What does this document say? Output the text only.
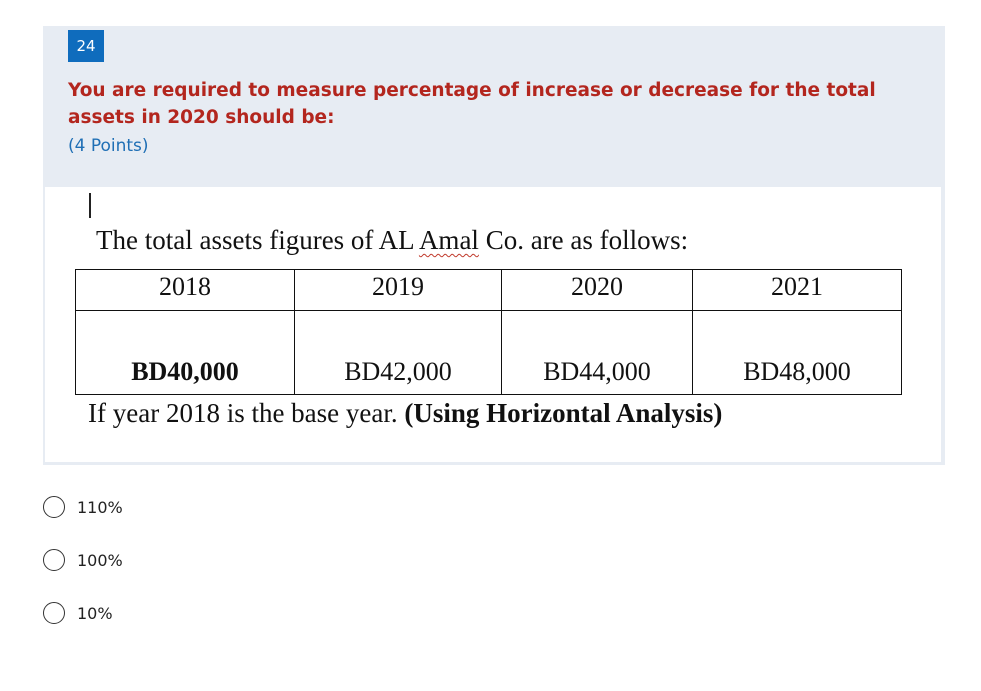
24
You are required to measure percentage of increase or decrease for the total assets in 2020 should be:
(4 Points)
The total assets figures of AL Amal Co. are as follows:
2018	2019	2020	2021

BD40,000	BD42,000	BD44,000	BD48,000
If year 2018 is the base year. (Using Horizontal Analysis)
110%
100%
10%
